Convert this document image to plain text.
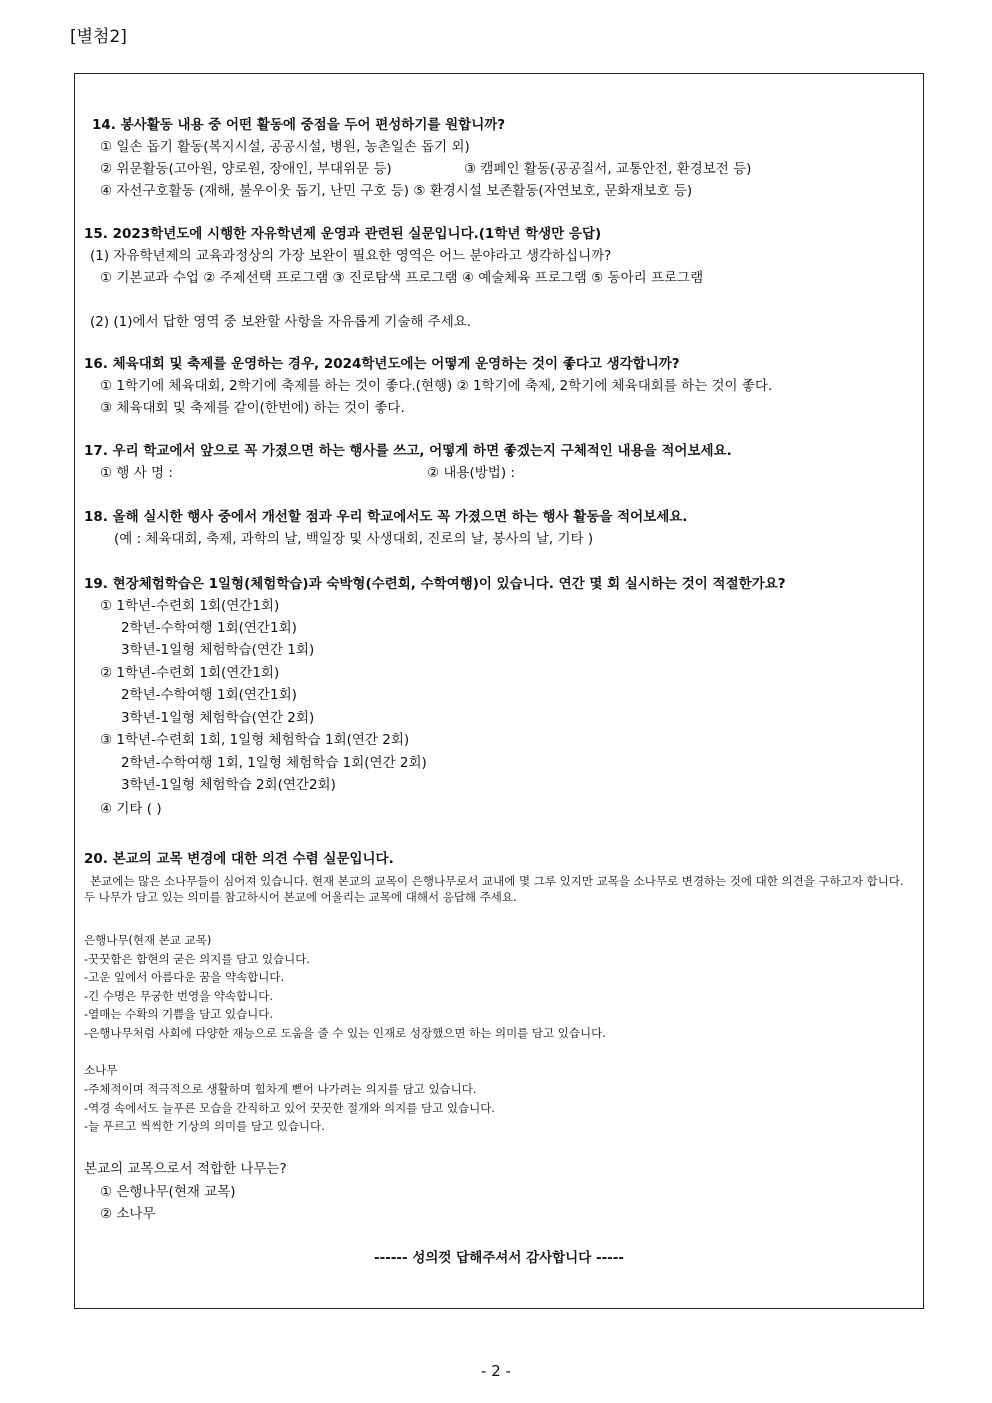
[별첨2]
14. 봉사활동 내용 중 어떤 활동에 중점을 두어 편성하기를 원합니까?
① 일손 돕기 활동(복지시설, 공공시설, 병원, 농촌일손 돕기 외)
② 위문활동(고아원, 양로원, 장애인, 부대위문 등)	③ 캠페인 활동(공공질서, 교통안전, 환경보전 등)
④ 자선구호활동 (재해, 불우이웃 돕기, 난민 구호 등) ⑤ 환경시설 보존활동(자연보호, 문화재보호 등)
15. 2023학년도에 시행한 자유학년제 운영과 관련된 실문입니다.(1학년 학생만 응답)
(1) 자유학년제의 교육과정상의 가장 보완이 필요한 영역은 어느 분야라고 생각하십니까?
① 기본교과 수업 ② 주제선택 프로그램 ③ 진로탐색 프로그램 ④ 예술체육 프로그램 ⑤ 동아리 프로그램
(2) (1)에서 답한 영역 중 보완할 사항을 자유롭게 기술해 주세요.
16. 체육대회 및 축제를 운영하는 경우, 2024학년도에는 어떻게 운영하는 것이 좋다고 생각합니까?
① 1학기에 체육대회, 2학기에 축제를 하는 것이 좋다.(현행) ② 1학기에 축제, 2학기에 체육대회를 하는 것이 좋다.
③ 체육대회 및 축제를 같이(한번에) 하는 것이 좋다.
17. 우리 학교에서 앞으로 꼭 가졌으면 하는 행사를 쓰고, 어떻게 하면 좋겠는지 구체적인 내용을 적어보세요.
① 행 사 명 :	② 내용(방법) :
18. 올해 실시한 행사 중에서 개선할 점과 우리 학교에서도 꼭 가졌으면 하는 행사 활동을 적어보세요.
(예 : 체육대회, 축제, 과학의 날, 백일장 및 사생대회, 진로의 날, 봉사의 날, 기타 )
19. 현장체험학습은 1일형(체험학습)과 숙박형(수련회, 수학여행)이 있습니다. 연간 몇 회 실시하는 것이 적절한가요?
① 1학년-수련회 1회(연간1회)
2학년-수학여행 1회(연간1회)
3학년-1일형 체험학습(연간 1회)
② 1학년-수련회 1회(연간1회)
2학년-수학여행 1회(연간1회)
3학년-1일형 체험학습(연간 2회)
③ 1학년-수련회 1회, 1일형 체험학습 1회(연간 2회)
2학년-수학여행 1회, 1일형 체험학습 1회(연간 2회)
3학년-1일형 체험학습 2회(연간2회)
④ 기타 ( )
20. 본교의 교목 변경에 대한 의견 수렴 실문입니다.
본교에는 많은 소나무들이 심어져 있습니다. 현재 본교의 교목이 은행나무로서 교내에 몇 그루 있지만 교목을 소나무로 변경하는 것에 대한 의견을 구하고자 합니다. 두 나무가 담고 있는 의미를 참고하시어 본교에 어울리는 교목에 대해서 응답해 주세요.
은행나무(현재 본교 교목)
-꿋꿋함은 함현의 굳은 의지를 담고 있습니다.
-고운 잎에서 아름다운 꿈을 약속합니다.
-긴 수명은 무궁한 번영을 약속합니다.
-열매는 수확의 기쁨을 담고 있습니다.
-은행나무처럼 사회에 다양한 재능으로 도움을 줄 수 있는 인재로 성장했으면 하는 의미를 담고 있습니다.
소나무
-주체적이며 적극적으로 생활하며 힘차게 뻗어 나가려는 의지를 담고 있습니다.
-역경 속에서도 늘푸른 모습을 간직하고 있어 꿋꿋한 절개와 의지를 담고 있습니다.
-늘 푸르고 씩씩한 기상의 의미를 담고 있습니다.
본교의 교목으로서 적합한 나무는?
① 은행나무(현재 교목)
② 소나무
------ 성의껏 답해주셔서 감사합니다 -----
- 2 -
